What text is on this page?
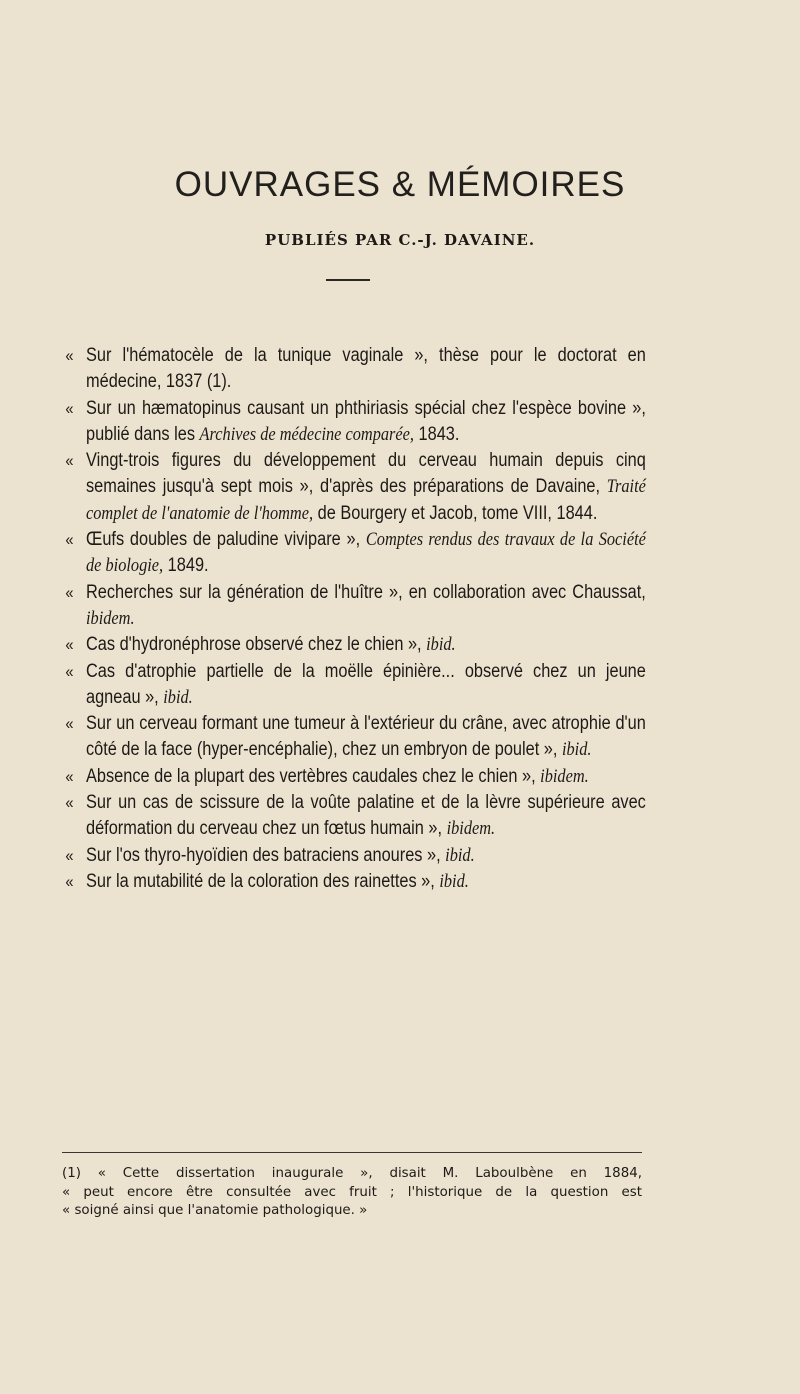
OUVRAGES & MÉMOIRES
PUBLIÉS PAR C.-J. DAVAINE.
« Sur l'hématocèle de la tunique vaginale », thèse pour le doctorat en médecine, 1837 (1).
« Sur un hæmatopinus causant un phthiriasis spécial chez l'espèce bovine », publié dans les Archives de médecine comparée, 1843.
« Vingt-trois figures du développement du cerveau humain depuis cinq semaines jusqu'à sept mois », d'après des préparations de Davaine, Traité complet de l'anatomie de l'homme, de Bourgery et Jacob, tome VIII, 1844.
« Œufs doubles de paludine vivipare », Comptes rendus des travaux de la Société de biologie, 1849.
« Recherches sur la génération de l'huître », en collaboration avec Chaussat, ibidem.
« Cas d'hydronéphrose observé chez le chien », ibid.
« Cas d'atrophie partielle de la moëlle épinière... observé chez un jeune agneau », ibid.
« Sur un cerveau formant une tumeur à l'extérieur du crâne, avec atrophie d'un côté de la face (hyper-encéphalie), chez un embryon de poulet », ibid.
« Absence de la plupart des vertèbres caudales chez le chien », ibidem.
« Sur un cas de scissure de la voûte palatine et de la lèvre supérieure avec déformation du cerveau chez un fœtus humain », ibidem.
« Sur l'os thyro-hyoïdien des batraciens anoures », ibid.
« Sur la mutabilité de la coloration des rainettes », ibid.
(1) « Cette dissertation inaugurale », disait M. Laboulbène en 1884,
« peut encore être consultée avec fruit ; l'historique de la question est
« soigné ainsi que l'anatomie pathologique. »
